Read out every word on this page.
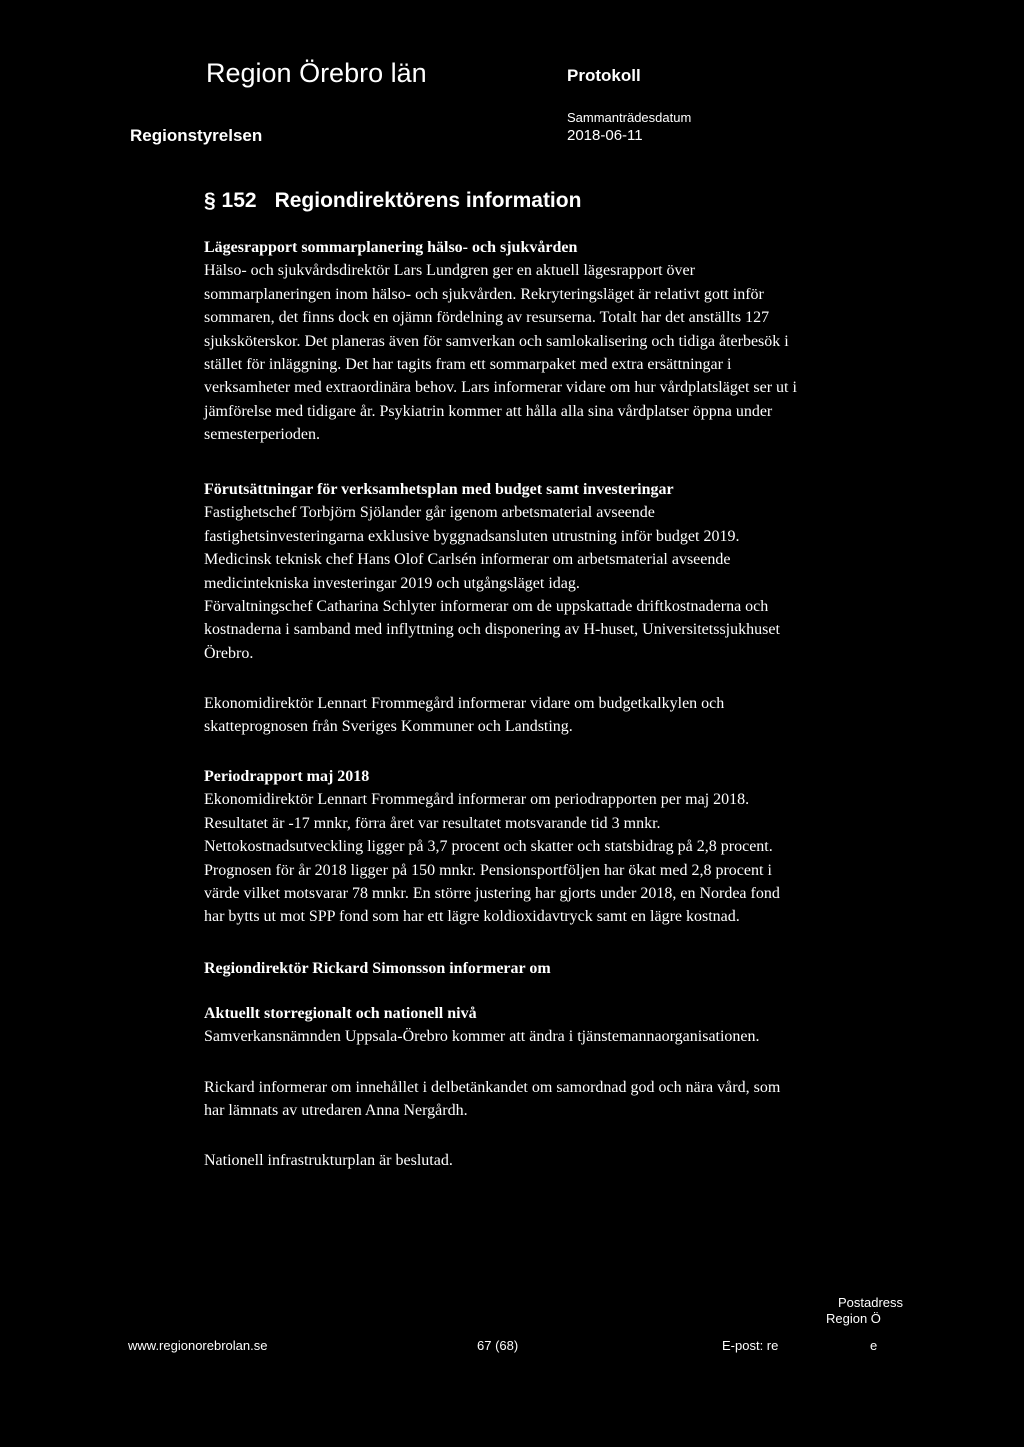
Region Örebro län	Protokoll
Regionstyrelsen
Sammanträdesdatum
2018-06-11
§ 152 Regiondirektörens information
Lägesrapport sommarplanering hälso- och sjukvården

Hälso- och sjukvårdsdirektör Lars Lundgren ger en aktuell lägesrapport över
sommarplaneringen inom hälso- och sjukvården. Rekryteringsläget är relativt gott inför
sommaren, det finns dock en ojämn fördelning av resurserna. Totalt har det anställts 127
sjuksköterskor. Det planeras även för samverkan och samlokalisering och tidiga återbesök i
stället för inläggning. Det har tagits fram ett sommarpaket med extra ersättningar i
verksamheter med extraordinära behov. Lars informerar vidare om hur vårdplatsläget ser ut i
jämförelse med tidigare år. Psykiatrin kommer att hålla alla sina vårdplatser öppna under
semesterperioden.

Förutsättningar för verksamhetsplan med budget samt investeringar

Fastighetschef Torbjörn Sjölander går igenom arbetsmaterial avseende
fastighetsinvesteringarna exklusive byggnadsansluten utrustning inför budget 2019.
Medicinsk teknisk chef Hans Olof Carlsén informerar om arbetsmaterial avseende
medicintekniska investeringar 2019 och utgångsläget idag.
Förvaltningschef Catharina Schlyter informerar om de uppskattade driftkostnaderna och
kostnaderna i samband med inflyttning och disponering av H-huset, Universitetssjukhuset
Örebro.

Ekonomidirektör Lennart Frommegård informerar vidare om budgetkalkylen och
skatteprognosen från Sveriges Kommuner och Landsting.

Periodrapport maj 2018

Ekonomidirektör Lennart Frommegård informerar om periodrapporten per maj 2018.
Resultatet är -17 mnkr, förra året var resultatet motsvarande tid 3 mnkr.
Nettokostnadsutveckling ligger på 3,7 procent och skatter och statsbidrag på 2,8 procent.
Prognosen för år 2018 ligger på 150 mnkr. Pensionsportföljen har ökat med 2,8 procent i
värde vilket motsvarar 78 mnkr. En större justering har gjorts under 2018, en Nordea fond
har bytts ut mot SPP fond som har ett lägre koldioxidavtryck samt en lägre kostnad.

Regiondirektör Rickard Simonsson informerar om
Aktuellt storregionalt och nationell nivå

Samverkansnämnden Uppsala-Örebro kommer att ändra i tjänstemannaorganisationen.

Rickard informerar om innehållet i delbetänkandet om samordnad god och nära vård, som
har lämnats av utredaren Anna Nergårdh.

Nationell infrastrukturplan är beslutad.

Postadress
Region Ö
www.regionorebrolan.se	67 (68)	E-post: re	e
